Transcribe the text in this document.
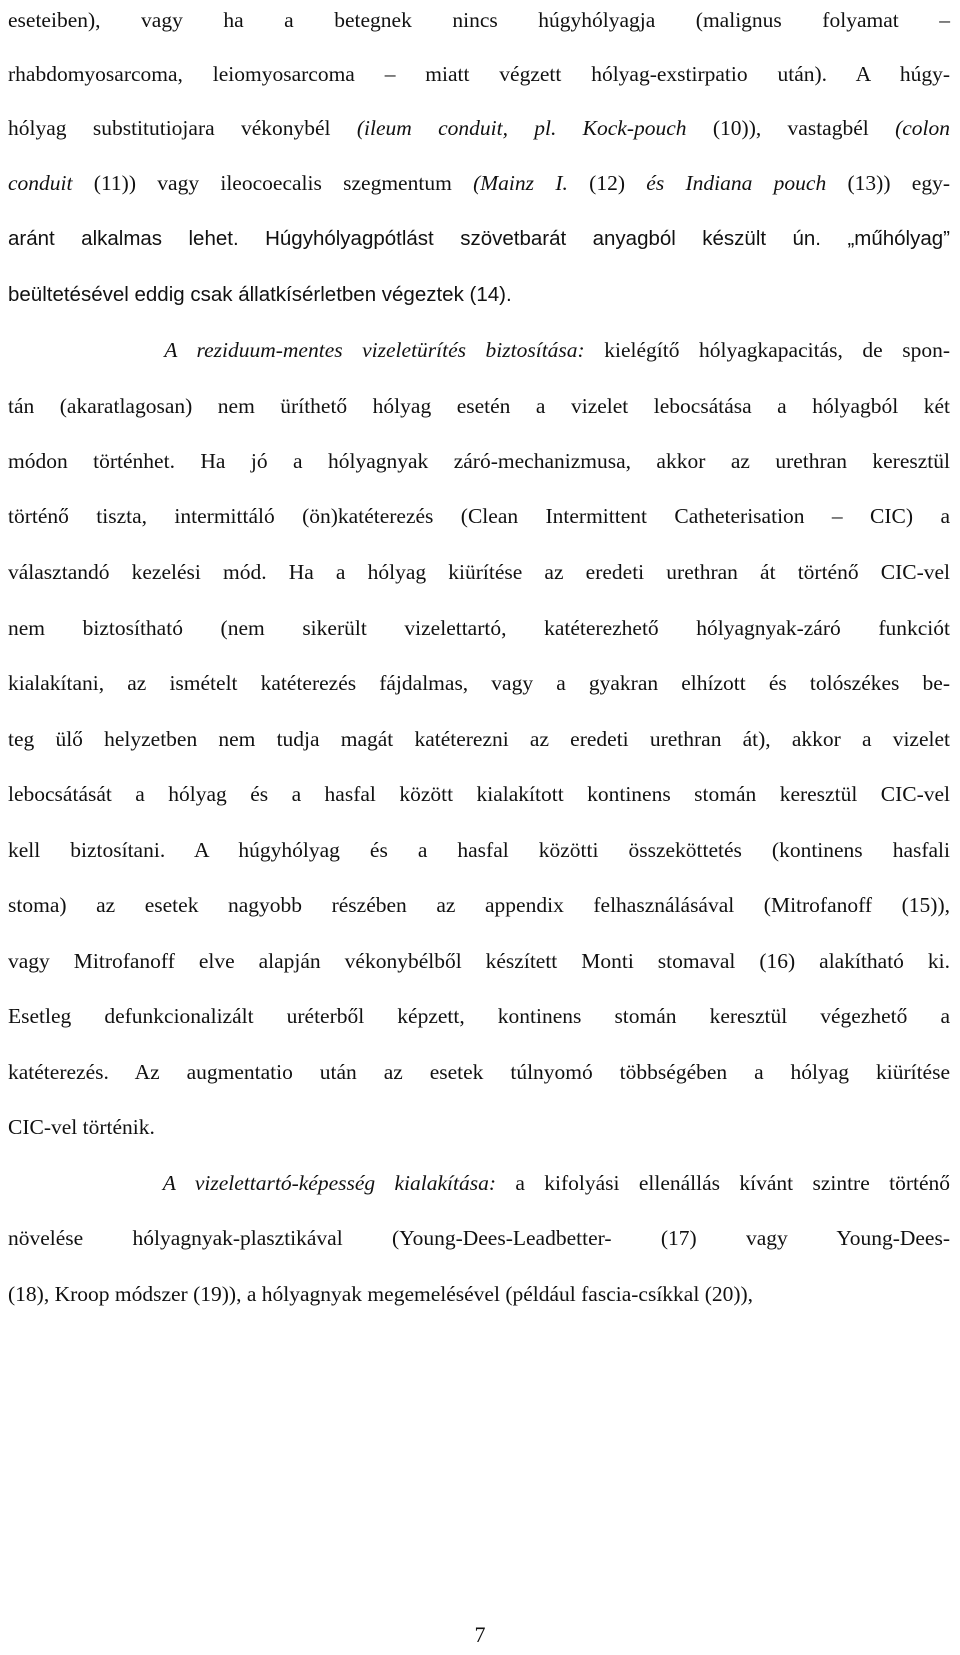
eseteiben), vagy ha a betegnek nincs húgyhólyagja (malignus folyamat –
rhabdomyosarcoma, leiomyosarcoma – miatt végzett hólyag-exstirpatio után). A húgy-
hólyag substitutiojara vékonybél (ileum conduit, pl. Kock-pouch (10)), vastagbél (colon
conduit (11)) vagy ileocoecalis szegmentum (Mainz I. (12) és Indiana pouch (13)) egy-
aránt alkalmas lehet. Húgyhólyagpótlást szövetbarát anyagból készült ún. „műhólyag”
beültetésével eddig csak állatkísérletben végeztek (14).
A reziduum-mentes vizeletürítés biztosítása: kielégítő hólyagkapacitás, de spon-
tán (akaratlagosan) nem üríthető hólyag esetén a vizelet lebocsátása a hólyagból két
módon történhet. Ha jó a hólyagnyak záró-mechanizmusa, akkor az urethran keresztül
történő tiszta, intermittáló (ön)katéterezés (Clean Intermittent Catheterisation – CIC) a
választandó kezelési mód. Ha a hólyag kiürítése az eredeti urethran át történő CIC-vel
nem biztosítható (nem sikerült vizelettartó, katéterezhető hólyagnyak-záró funkciót
kialakítani, az ismételt katéterezés fájdalmas, vagy a gyakran elhízott és tolószékes be-
teg ülő helyzetben nem tudja magát katéterezni az eredeti urethran át), akkor a vizelet
lebocsátását a hólyag és a hasfal között kialakított kontinens stomán keresztül CIC-vel
kell biztosítani. A húgyhólyag és a hasfal közötti összeköttetés (kontinens hasfali
stoma) az esetek nagyobb részében az appendix felhasználásával (Mitrofanoff (15)),
vagy Mitrofanoff elve alapján vékonybélből készített Monti stomaval (16) alakítható ki.
Esetleg defunkcionalizált uréterből képzett, kontinens stomán keresztül végezhető a
katéterezés. Az augmentatio után az esetek túlnyomó többségében a hólyag kiürítése
CIC-vel történik.
A vizelettartó-képesség kialakítása: a kifolyási ellenállás kívánt szintre történő
növelése hólyagnyak-plasztikával (Young-Dees-Leadbetter- (17) vagy Young-Dees-
(18), Kroop módszer (19)), a hólyagnyak megemelésével (például fascia-csíkkal (20)),
7
